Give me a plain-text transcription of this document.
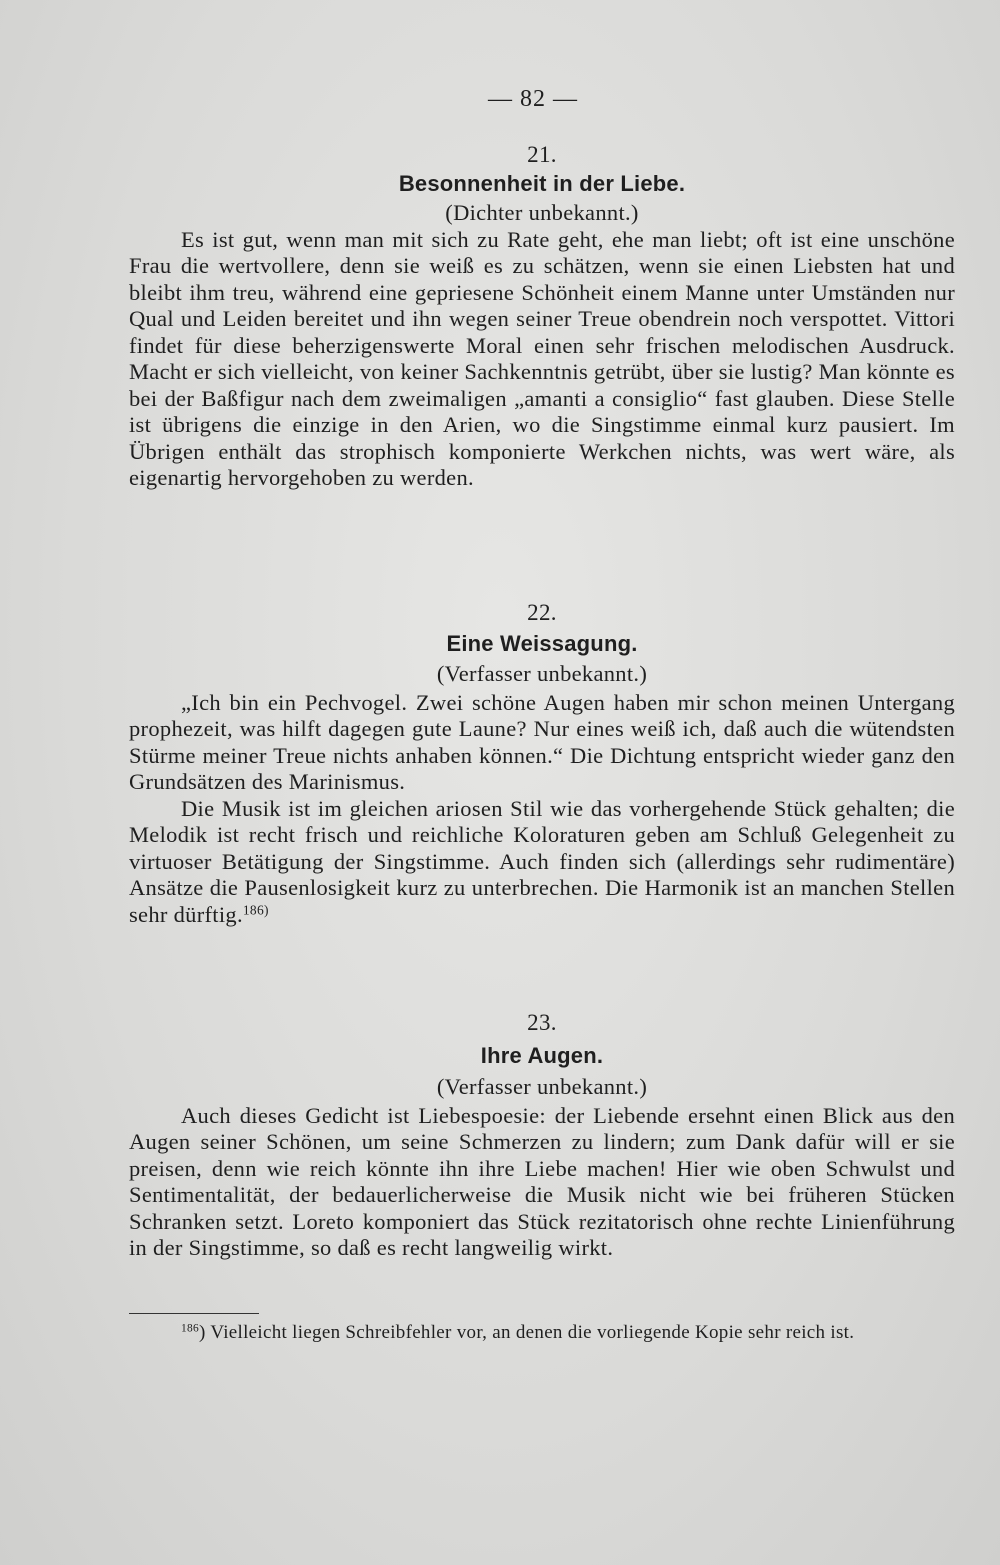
— 82 —
21.
Besonnenheit in der Liebe.
(Dichter unbekannt.)

Es ist gut, wenn man mit sich zu Rate geht, ehe man liebt; oft ist eine unschöne Frau die wertvollere, denn sie weiß es zu schätzen, wenn sie einen Liebsten hat und bleibt ihm treu, während eine gepriesene Schönheit einem Manne unter Umständen nur Qual und Leiden bereitet und ihn wegen seiner Treue obendrein noch verspottet. Vittori findet für diese beherzigenswerte Moral einen sehr frischen melodischen Ausdruck. Macht er sich vielleicht, von keiner Sachkenntnis getrübt, über sie lustig? Man könnte es bei der Baßfigur nach dem zweimaligen „amanti a consiglio“ fast glauben. Diese Stelle ist übrigens die einzige in den Arien, wo die Singstimme einmal kurz pausiert. Im Übrigen enthält das strophisch komponierte Werkchen nichts, was wert wäre, als eigenartig hervorgehoben zu werden.

22.
Eine Weissagung.
(Verfasser unbekannt.)

„Ich bin ein Pechvogel. Zwei schöne Augen haben mir schon meinen Untergang prophezeit, was hilft dagegen gute Laune? Nur eines weiß ich, daß auch die wütendsten Stürme meiner Treue nichts anhaben können.“ Die Dichtung entspricht wieder ganz den Grundsätzen des Marinismus.

Die Musik ist im gleichen ariosen Stil wie das vorhergehende Stück gehalten; die Melodik ist recht frisch und reichliche Koloraturen geben am Schluß Gelegenheit zu virtuoser Betätigung der Singstimme. Auch finden sich (allerdings sehr rudimentäre) Ansätze die Pausenlosigkeit kurz zu unterbrechen. Die Harmonik ist an manchen Stellen sehr dürftig.$^{186)}$

23.
Ihre Augen.
(Verfasser unbekannt.)

Auch dieses Gedicht ist Liebespoesie: der Liebende ersehnt einen Blick aus den Augen seiner Schönen, um seine Schmerzen zu lindern; zum Dank dafür will er sie preisen, denn wie reich könnte ihn ihre Liebe machen! Hier wie oben Schwulst und Sentimentalität, der bedauerlicherweise die Musik nicht wie bei früheren Stücken Schranken setzt. Loreto komponiert das Stück rezitatorisch ohne rechte Linienführung in der Singstimme, so daß es recht langweilig wirkt.

$^{186}$) Vielleicht liegen Schreibfehler vor, an denen die vorliegende Kopie sehr reich ist.
